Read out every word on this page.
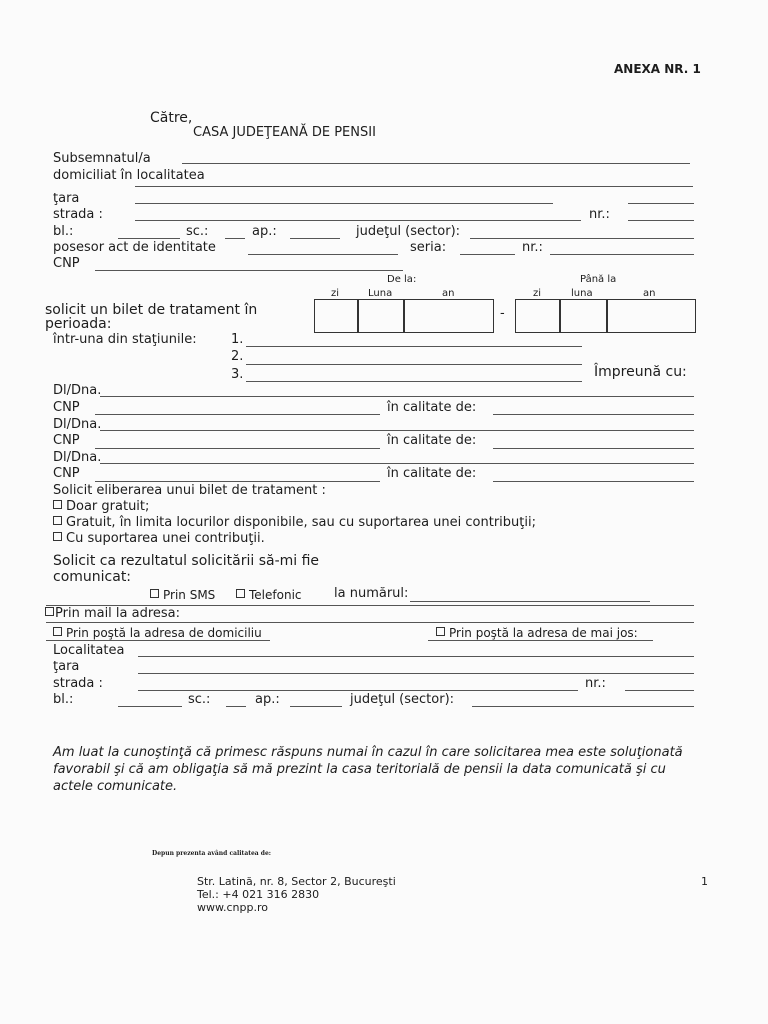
ANEXA NR. 1
Către,
CASA JUDEŢEANĂ DE PENSII
Subsemnatul/a
domiciliat în localitatea
ţara
strada :	nr.:
bl.:	sc.:	ap.:	judeţul (sector):
posesor act de identitate	seria:	nr.:
CNP
De la:	Până la
zi	Luna	an	zi	luna	an
-
solicit un bilet de tratament în
perioada:
într-una din staţiunile:	1.
2.
3.	Împreună cu:
Dl/Dna.
CNP	în calitate de:
Dl/Dna.
CNP	în calitate de:
Dl/Dna.
CNP	în calitate de:
Solicit eliberarea unui bilet de tratament :
Doar gratuit;
Gratuit, în limita locurilor disponibile, sau cu suportarea unei contribuţii;
Cu suportarea unei contribuţii.
Solicit ca rezultatul solicitării să-mi fie
comunicat:
Prin SMS	Telefonic	la numărul:
Prin mail la adresa:
Prin poştă la adresa de domiciliu	Prin poştă la adresa de mai jos:
Localitatea
ţara
strada :	nr.:
bl.:	sc.:	ap.:	judeţul (sector):
Am luat la cunoştinţă că primesc răspuns numai în cazul în care solicitarea mea este soluţionată favorabil şi că am obligaţia să mă prezint la casa teritorială de pensii la data comunicată şi cu actele comunicate.
Depun prezenta având calitatea de:
Str. Latină, nr. 8, Sector 2, Bucureşti
Tel.: +4 021 316 2830
www.cnpp.ro
1
